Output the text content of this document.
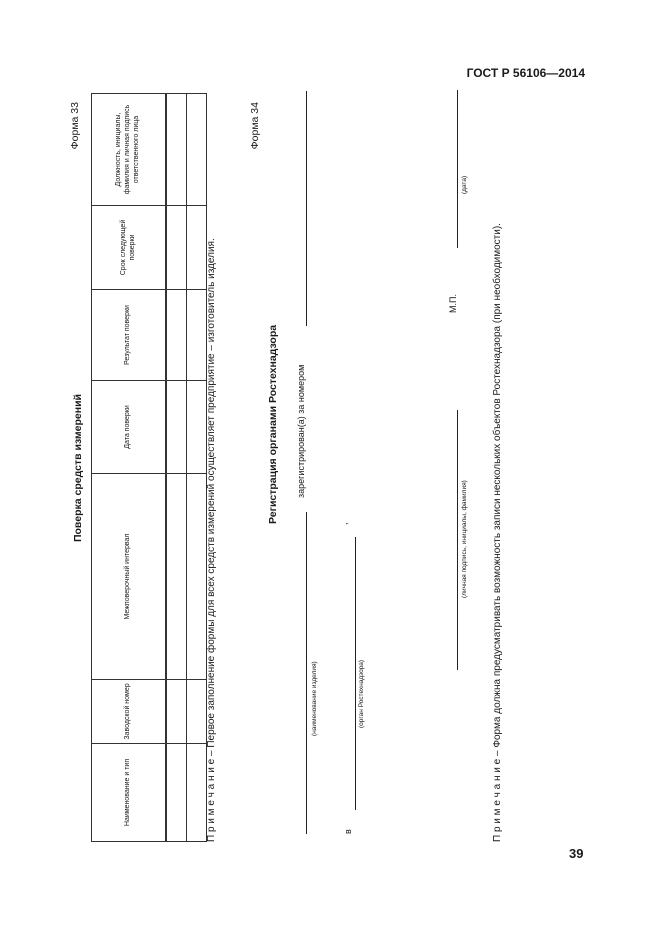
ГОСТ Р 56106—2014
39
Форма 33
Поверка средств измерений
Наименование и тип	Заводской номер	Межповерочный интервал	Дата поверки	Результат поверки	Срок следующей поверки	Должность, инициалы, фамилия и личная подпись ответственного лица

П р и м е ч а н и е – Первое заполнение формы для всех средств измерений осуществляет предприятие – изготовитель изделия.
Форма 34
Регистрация органами Ростехнадзора
(наименование изделия)
зарегистрирован(а) за номером
,
в
(орган Ростехнадзора)
(личная подпись, инициалы, фамилия)
М.П.
(дата)
П р и м е ч а н и е – Форма должна предусматривать возможность записи нескольких объектов Ростехнадзора (при необходимости).
